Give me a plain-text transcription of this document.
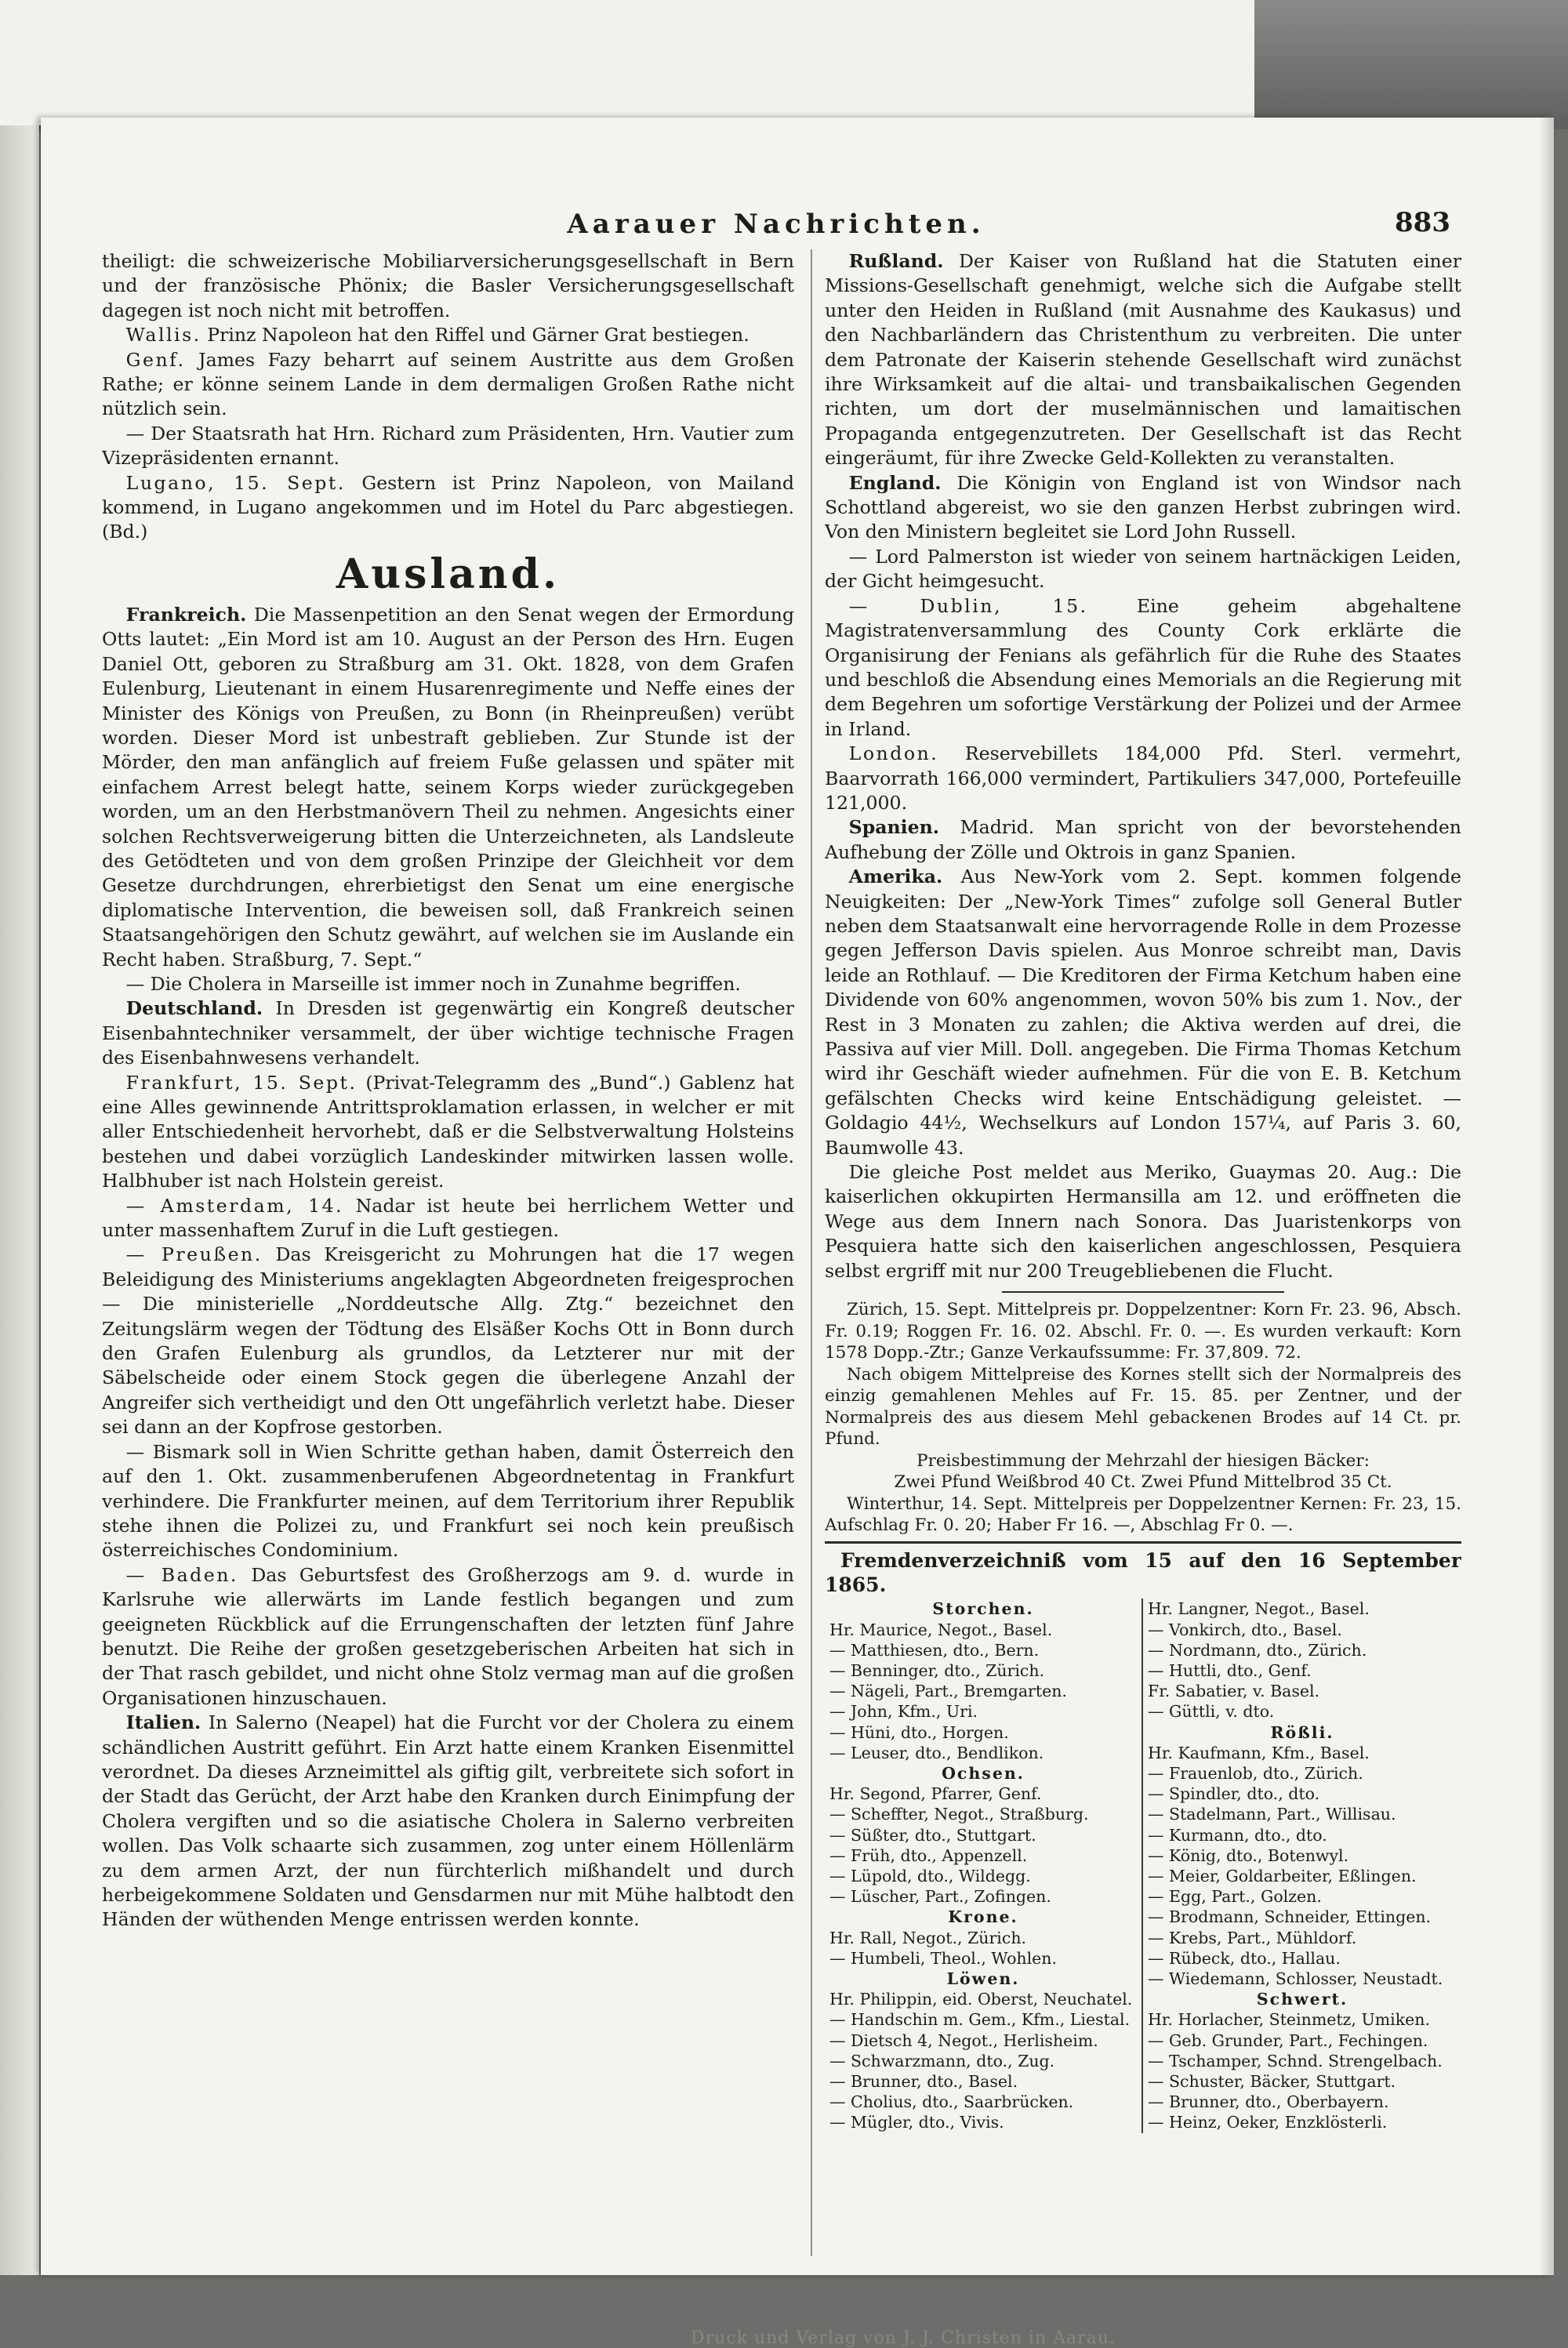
Aarauer Nachrichten.	883

theiligt: die schweizerische Mobiliarversicherungsgesellschaft in Bern und der französische Phönix; die Basler Versicherungsgesellschaft dagegen ist noch nicht mit betroffen.

Wallis. Prinz Napoleon hat den Riffel und Gärner Grat bestiegen.

Genf. James Fazy beharrt auf seinem Austritte aus dem Großen Rathe; er könne seinem Lande in dem dermaligen Großen Rathe nicht nützlich sein.

— Der Staatsrath hat Hrn. Richard zum Präsidenten, Hrn. Vautier zum Vizepräsidenten ernannt.

Lugano, 15. Sept. Gestern ist Prinz Napoleon, von Mailand kommend, in Lugano angekommen und im Hotel du Parc abgestiegen. (Bd.)

Ausland.

Frankreich. Die Massenpetition an den Senat wegen der Ermordung Otts lautet: „Ein Mord ist am 10. August an der Person des Hrn. Eugen Daniel Ott, geboren zu Straßburg am 31. Okt. 1828, von dem Grafen Eulenburg, Lieutenant in einem Husarenregimente und Neffe eines der Minister des Königs von Preußen, zu Bonn (in Rheinpreußen) verübt worden. Dieser Mord ist unbestraft geblieben. Zur Stunde ist der Mörder, den man anfänglich auf freiem Fuße gelassen und später mit einfachem Arrest belegt hatte, seinem Korps wieder zurückgegeben worden, um an den Herbstmanövern Theil zu nehmen. Angesichts einer solchen Rechtsverweigerung bitten die Unterzeichneten, als Landsleute des Getödteten und von dem großen Prinzipe der Gleichheit vor dem Gesetze durchdrungen, ehrerbietigst den Senat um eine energische diplomatische Intervention, die beweisen soll, daß Frankreich seinen Staatsangehörigen den Schutz gewährt, auf welchen sie im Auslande ein Recht haben. Straßburg, 7. Sept.“

— Die Cholera in Marseille ist immer noch in Zunahme begriffen.

Deutschland. In Dresden ist gegenwärtig ein Kongreß deutscher Eisenbahntechniker versammelt, der über wichtige technische Fragen des Eisenbahnwesens verhandelt.

Frankfurt, 15. Sept. (Privat-Telegramm des „Bund“.) Gablenz hat eine Alles gewinnende Antrittsproklamation erlassen, in welcher er mit aller Entschiedenheit hervorhebt, daß er die Selbstverwaltung Holsteins bestehen und dabei vorzüglich Landeskinder mitwirken lassen wolle. Halbhuber ist nach Holstein gereist.

— Amsterdam, 14. Nadar ist heute bei herrlichem Wetter und unter massenhaftem Zuruf in die Luft gestiegen.

— Preußen. Das Kreisgericht zu Mohrungen hat die 17 wegen Beleidigung des Ministeriums angeklagten Abgeordneten freigesprochen — Die ministerielle „Norddeutsche Allg. Ztg.“ bezeichnet den Zeitungslärm wegen der Tödtung des Elsäßer Kochs Ott in Bonn durch den Grafen Eulenburg als grundlos, da Letzterer nur mit der Säbelscheide oder einem Stock gegen die überlegene Anzahl der Angreifer sich vertheidigt und den Ott ungefährlich verletzt habe. Dieser sei dann an der Kopfrose gestorben.

— Bismark soll in Wien Schritte gethan haben, damit Österreich den auf den 1. Okt. zusammenberufenen Abgeordnetentag in Frankfurt verhindere. Die Frankfurter meinen, auf dem Territorium ihrer Republik stehe ihnen die Polizei zu, und Frankfurt sei noch kein preußisch österreichisches Condominium.

— Baden. Das Geburtsfest des Großherzogs am 9. d. wurde in Karlsruhe wie allerwärts im Lande festlich begangen und zum geeigneten Rückblick auf die Errungenschaften der letzten fünf Jahre benutzt. Die Reihe der großen gesetzgeberischen Arbeiten hat sich in der That rasch gebildet, und nicht ohne Stolz vermag man auf die großen Organisationen hinzuschauen.

Italien. In Salerno (Neapel) hat die Furcht vor der Cholera zu einem schändlichen Austritt geführt. Ein Arzt hatte einem Kranken Eisenmittel verordnet. Da dieses Arzneimittel als giftig gilt, verbreitete sich sofort in der Stadt das Gerücht, der Arzt habe den Kranken durch Einimpfung der Cholera vergiften und so die asiatische Cholera in Salerno verbreiten wollen. Das Volk schaarte sich zusammen, zog unter einem Höllenlärm zu dem armen Arzt, der nun fürchterlich mißhandelt und durch herbeigekommene Soldaten und Gensdarmen nur mit Mühe halbtodt den Händen der wüthenden Menge entrissen werden konnte.

Rußland. Der Kaiser von Rußland hat die Statuten einer Missions-Gesellschaft genehmigt, welche sich die Aufgabe stellt unter den Heiden in Rußland (mit Ausnahme des Kaukasus) und den Nachbarländern das Christenthum zu verbreiten. Die unter dem Patronate der Kaiserin stehende Gesellschaft wird zunächst ihre Wirksamkeit auf die altai- und transbaikalischen Gegenden richten, um dort der muselmännischen und lamaitischen Propaganda entgegenzutreten. Der Gesellschaft ist das Recht eingeräumt, für ihre Zwecke Geld-Kollekten zu veranstalten.

England. Die Königin von England ist von Windsor nach Schottland abgereist, wo sie den ganzen Herbst zubringen wird. Von den Ministern begleitet sie Lord John Russell.

— Lord Palmerston ist wieder von seinem hartnäckigen Leiden, der Gicht heimgesucht.

— Dublin, 15.	Eine geheim abgehaltene Magistratenversammlung des County Cork erklärte die Organisirung der Fenians als gefährlich für die Ruhe des Staates und beschloß die Absendung eines Memorials an die Regierung mit dem Begehren um sofortige Verstärkung der Polizei und der Armee in Irland.

London. Reservebillets 184,000 Pfd. Sterl. vermehrt, Baarvorrath 166,000 vermindert, Partikuliers 347,000, Portefeuille 121,000.

Spanien. Madrid. Man spricht von der bevorstehenden Aufhebung der Zölle und Oktrois in ganz Spanien.

Amerika. Aus New-York vom 2. Sept. kommen folgende Neuigkeiten: Der „New-York Times“ zufolge soll General Butler neben dem Staatsanwalt eine hervorragende Rolle in dem Prozesse gegen Jefferson Davis spielen. Aus Monroe schreibt man, Davis leide an Rothlauf. — Die Kreditoren der Firma Ketchum haben eine Dividende von 60% angenommen, wovon 50% bis zum 1. Nov., der Rest in 3 Monaten zu zahlen; die Aktiva werden auf drei, die Passiva auf vier Mill. Doll. angegeben. Die Firma Thomas Ketchum wird ihr Geschäft wieder aufnehmen. Für die von E. B. Ketchum gefälschten Checks wird keine Entschädigung geleistet. — Goldagio 44½, Wechselkurs auf London 157¼, auf Paris 3. 60, Baumwolle 43.

Die gleiche Post meldet aus Meriko, Guaymas 20. Aug.: Die kaiserlichen okkupirten Hermansilla am 12. und eröffneten die Wege aus dem Innern nach Sonora. Das Juaristenkorps von Pesquiera hatte sich den kaiserlichen angeschlossen, Pesquiera selbst ergriff mit nur 200 Treugebliebenen die Flucht.

Zürich, 15. Sept. Mittelpreis pr. Doppelzentner: Korn Fr. 23. 96, Absch. Fr. 0.19; Roggen Fr. 16. 02. Abschl. Fr. 0. —. Es wurden verkauft: Korn 1578 Dopp.-Ztr.; Ganze Verkaufssumme: Fr. 37,809. 72.

Nach obigem Mittelpreise des Kornes stellt sich der Normalpreis des einzig gemahlenen Mehles auf Fr. 15. 85. per Zentner, und der Normalpreis des aus diesem Mehl gebackenen Brodes auf 14 Ct. pr. Pfund.

Preisbestimmung der Mehrzahl der hiesigen Bäcker:

Zwei Pfund Weißbrod 40 Ct. Zwei Pfund Mittelbrod 35 Ct.

Winterthur, 14. Sept. Mittelpreis per Doppelzentner Kernen: Fr. 23, 15. Aufschlag Fr. 0. 20; Haber Fr 16. —, Abschlag Fr 0. —.

Fremdenverzeichniß vom 15 auf den 16 September 1865.
Storchen.
Hr. Maurice, Negot., Basel.
— Matthiesen, dto., Bern.
— Benninger, dto., Zürich.
— Nägeli, Part., Bremgarten.
— John, Kfm., Uri.
— Hüni, dto., Horgen.
— Leuser, dto., Bendlikon.
Ochsen.
Hr. Segond, Pfarrer, Genf.
— Scheffter, Negot., Straßburg.
— Süßter, dto., Stuttgart.
— Früh, dto., Appenzell.
— Lüpold, dto., Wildegg.
— Lüscher, Part., Zofingen.
Krone.
Hr. Rall, Negot., Zürich.
— Humbeli, Theol., Wohlen.
Löwen.
Hr. Philippin, eid. Oberst, Neuchatel.
— Handschin m. Gem., Kfm., Liestal.
— Dietsch 4, Negot., Herlisheim.
— Schwarzmann, dto., Zug.
— Brunner, dto., Basel.
— Cholius, dto., Saarbrücken.
— Mügler, dto., Vivis.
Hr. Langner, Negot., Basel.
— Vonkirch, dto., Basel.
— Nordmann, dto., Zürich.
— Huttli, dto., Genf.
Fr. Sabatier, v. Basel.
— Güttli, v. dto.
Rößli.
Hr. Kaufmann, Kfm., Basel.
— Frauenlob, dto., Zürich.
— Spindler, dto., dto.
— Stadelmann, Part., Willisau.
— Kurmann, dto., dto.
— König, dto., Botenwyl.
— Meier, Goldarbeiter, Eßlingen.
— Egg, Part., Golzen.
— Brodmann, Schneider, Ettingen.
— Krebs, Part., Mühldorf.
— Rübeck, dto., Hallau.
— Wiedemann, Schlosser, Neustadt.
Schwert.
Hr. Horlacher, Steinmetz, Umiken.
— Geb. Grunder, Part., Fechingen.
— Tschamper, Schnd. Strengelbach.
— Schuster, Bäcker, Stuttgart.
— Brunner, dto., Oberbayern.
— Heinz, Oeker, Enzklösterli.
Druck und Verlag von J. J. Christen in Aarau.
